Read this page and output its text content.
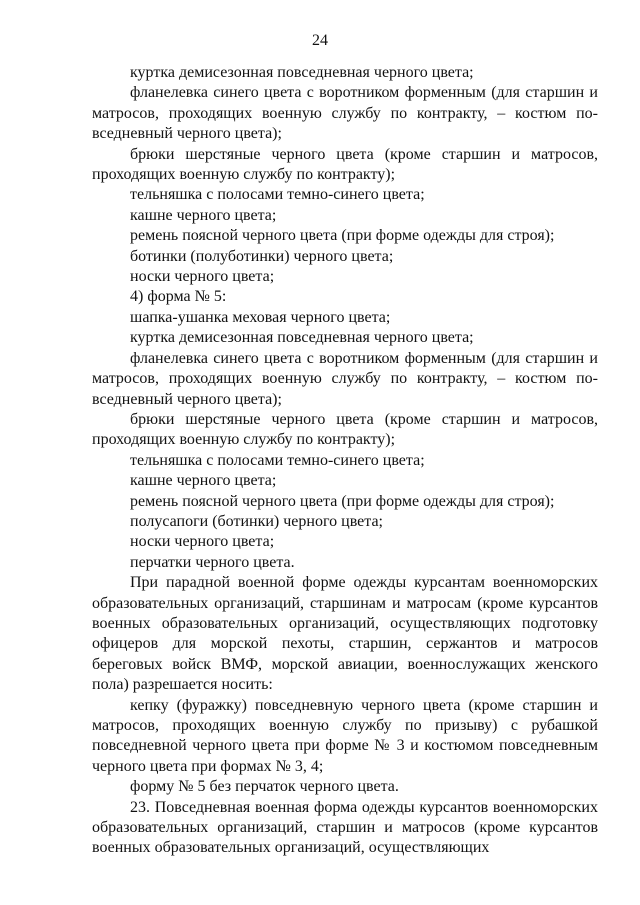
24

куртка демисезонная повседневная черного цвета;

фланелевка синего цвета с воротником форменным (для старшин и матросов, проходящих военную службу по контракту, – костюм повседневный черного цвета);

брюки шерстяные черного цвета (кроме старшин и матросов, проходящих военную службу по контракту);

тельняшка с полосами темно-синего цвета;

кашне черного цвета;

ремень поясной черного цвета (при форме одежды для строя);

ботинки (полуботинки) черного цвета;

носки черного цвета;

4) форма № 5:

шапка-ушанка меховая черного цвета;

куртка демисезонная повседневная черного цвета;

фланелевка синего цвета с воротником форменным (для старшин и матросов, проходящих военную службу по контракту, – костюм повседневный черного цвета);

брюки шерстяные черного цвета (кроме старшин и матросов, проходящих военную службу по контракту);

тельняшка с полосами темно-синего цвета;

кашне черного цвета;

ремень поясной черного цвета (при форме одежды для строя);

полусапоги (ботинки) черного цвета;

носки черного цвета;

перчатки черного цвета.

При парадной военной форме одежды курсантам военноморских образовательных организаций, старшинам и матросам (кроме курсантов военных образовательных организаций, осуществляющих подготовку офицеров для морской пехоты, старшин, сержантов и матросов береговых войск ВМФ, морской авиации, военнослужащих женского пола) разрешается носить:

кепку (фуражку) повседневную черного цвета (кроме старшин и матросов, проходящих военную службу по призыву) с рубашкой повседневной черного цвета при форме № 3 и костюмом повседневным черного цвета при формах № 3, 4;

форму № 5 без перчаток черного цвета.

23. Повседневная военная форма одежды курсантов военноморских образовательных организаций, старшин и матросов (кроме курсантов военных образовательных организаций, осуществляющих
